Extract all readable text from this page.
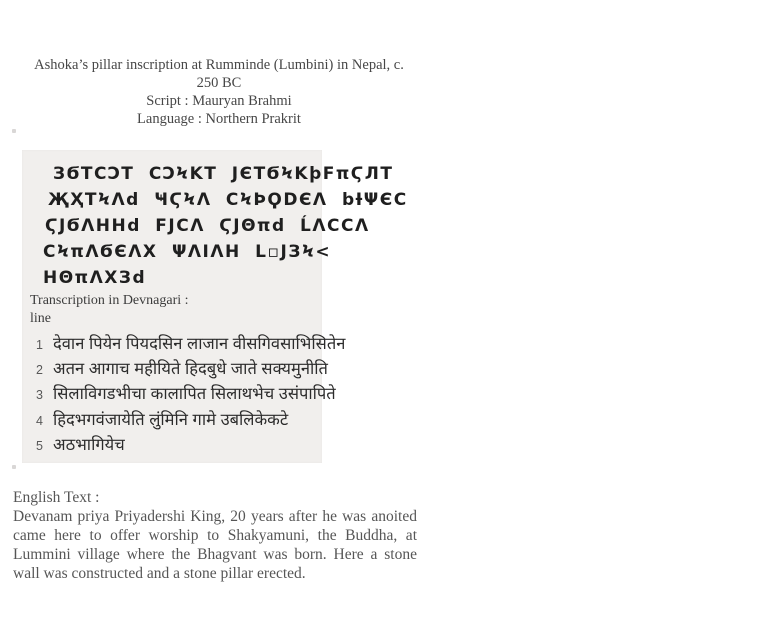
Ashoka’s pillar inscription at Rumminde (Lumbini) in Nepal, c. 250 BC
Script : Mauryan Brahmi
Language : Northern Prakrit
ЗϬTϹϽT ϹϽϞΚT ЈЄTϬϞΚþϜπϚЛT
ҖҲTϞΛd ҸϚϞΛ ϹϞÞϘDЄΛ bƗΨЄϹ
ϚЈϬΛΗΗd ϜЈϹΛ ϚЈΘπd ĹΛϹϹΛ
ϹϞπΛϬЄΛΧ ΨΛΙΛΗ L▫ЈЗϞ<
ΗΘπΛΧЗd
Transcription in Devnagari :
line
1 देवान पियेन पियदसिन लाजान वीसगिवसाभिसितेन
2 अतन आगाच महीयिते हिदबुधे जाते सक्यमुनीति
3 सिलाविगडभीचा कालापित सिलाथभेच उसंपापिते
4 हिदभगवंजायेति लुंमिनि गामे उबलिकेकटे
5 अठभागियेच
English Text :
Devanam priya Priyadershi King, 20 years after he was anoited came here to offer worship to Shakyamuni, the Buddha, at Lummini village where the Bhagvant was born. Here a stone wall was constructed and a stone pillar erected.
